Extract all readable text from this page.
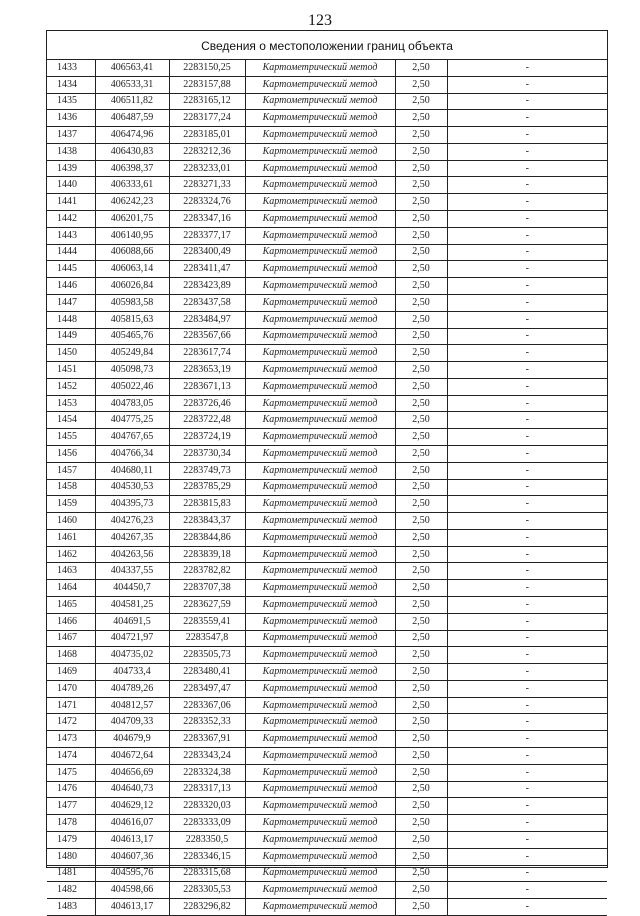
123
Сведения о местоположении границ объекта
1433	406563,41	2283150,25	Картометрический метод	2,50	-
1434	406533,31	2283157,88	Картометрический метод	2,50	-
1435	406511,82	2283165,12	Картометрический метод	2,50	-
1436	406487,59	2283177,24	Картометрический метод	2,50	-
1437	406474,96	2283185,01	Картометрический метод	2,50	-
1438	406430,83	2283212,36	Картометрический метод	2,50	-
1439	406398,37	2283233,01	Картометрический метод	2,50	-
1440	406333,61	2283271,33	Картометрический метод	2,50	-
1441	406242,23	2283324,76	Картометрический метод	2,50	-
1442	406201,75	2283347,16	Картометрический метод	2,50	-
1443	406140,95	2283377,17	Картометрический метод	2,50	-
1444	406088,66	2283400,49	Картометрический метод	2,50	-
1445	406063,14	2283411,47	Картометрический метод	2,50	-
1446	406026,84	2283423,89	Картометрический метод	2,50	-
1447	405983,58	2283437,58	Картометрический метод	2,50	-
1448	405815,63	2283484,97	Картометрический метод	2,50	-
1449	405465,76	2283567,66	Картометрический метод	2,50	-
1450	405249,84	2283617,74	Картометрический метод	2,50	-
1451	405098,73	2283653,19	Картометрический метод	2,50	-
1452	405022,46	2283671,13	Картометрический метод	2,50	-
1453	404783,05	2283726,46	Картометрический метод	2,50	-
1454	404775,25	2283722,48	Картометрический метод	2,50	-
1455	404767,65	2283724,19	Картометрический метод	2,50	-
1456	404766,34	2283730,34	Картометрический метод	2,50	-
1457	404680,11	2283749,73	Картометрический метод	2,50	-
1458	404530,53	2283785,29	Картометрический метод	2,50	-
1459	404395,73	2283815,83	Картометрический метод	2,50	-
1460	404276,23	2283843,37	Картометрический метод	2,50	-
1461	404267,35	2283844,86	Картометрический метод	2,50	-
1462	404263,56	2283839,18	Картометрический метод	2,50	-
1463	404337,55	2283782,82	Картометрический метод	2,50	-
1464	404450,7	2283707,38	Картометрический метод	2,50	-
1465	404581,25	2283627,59	Картометрический метод	2,50	-
1466	404691,5	2283559,41	Картометрический метод	2,50	-
1467	404721,97	2283547,8	Картометрический метод	2,50	-
1468	404735,02	2283505,73	Картометрический метод	2,50	-
1469	404733,4	2283480,41	Картометрический метод	2,50	-
1470	404789,26	2283497,47	Картометрический метод	2,50	-
1471	404812,57	2283367,06	Картометрический метод	2,50	-
1472	404709,33	2283352,33	Картометрический метод	2,50	-
1473	404679,9	2283367,91	Картометрический метод	2,50	-
1474	404672,64	2283343,24	Картометрический метод	2,50	-
1475	404656,69	2283324,38	Картометрический метод	2,50	-
1476	404640,73	2283317,13	Картометрический метод	2,50	-
1477	404629,12	2283320,03	Картометрический метод	2,50	-
1478	404616,07	2283333,09	Картометрический метод	2,50	-
1479	404613,17	2283350,5	Картометрический метод	2,50	-
1480	404607,36	2283346,15	Картометрический метод	2,50	-
1481	404595,76	2283315,68	Картометрический метод	2,50	-
1482	404598,66	2283305,53	Картометрический метод	2,50	-
1483	404613,17	2283296,82	Картометрический метод	2,50	-
